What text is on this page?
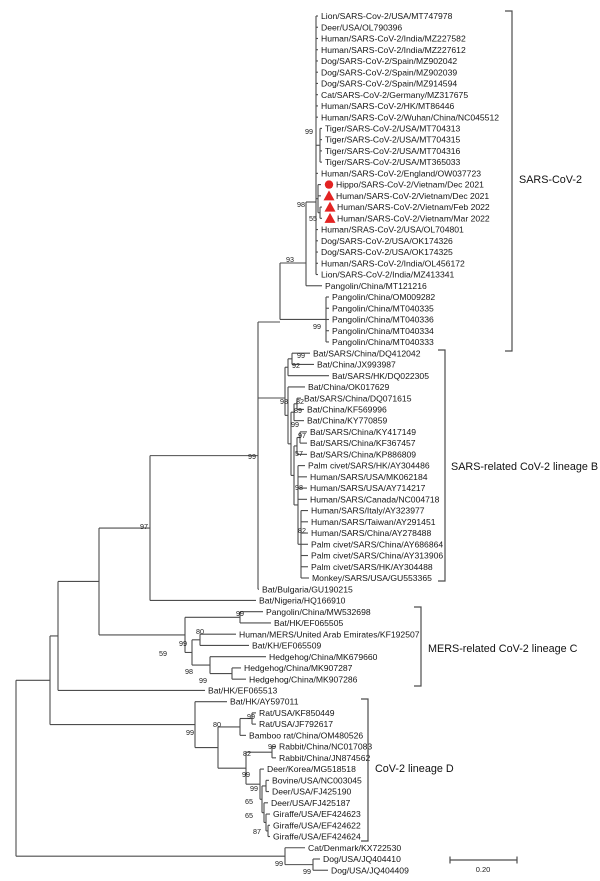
Lion/SARS-Cov-2/USA/MT747978
Deer/USA/OL790396
Human/SARS-CoV-2/India/MZ227582
Human/SARS-CoV-2/India/MZ227612
Dog/SARS-CoV-2/Spain/MZ902042
Dog/SARS-CoV-2/Spain/MZ902039
Dog/SARS-CoV-2/Spain/MZ914594
Cat/SARS-CoV-2/Germany/MZ317675
Human/SARS-CoV-2/HK/MT86446
Human/SARS-CoV-2/Wuhan/China/NC045512
Tiger/SARS-CoV-2/USA/MT704313
Tiger/SARS-CoV-2/USA/MT704315
Tiger/SARS-CoV-2/USA/MT704316
Tiger/SARS-CoV-2/USA/MT365033
Human/SARS-CoV-2/England/OW037723
Hippo/SARS-CoV-2/Vietnam/Dec 2021
Human/SARS-CoV-2/Vietnam/Dec 2021
Human/SARS-CoV-2/Vietnam/Feb 2022
Human/SARS-CoV-2/Vietnam/Mar 2022
Human/SRAS-CoV-2/USA/OL704801
Dog/SARS-CoV-2/USA/OK174326
Dog/SARS-CoV-2/USA/OK174325
Human/SARS-CoV-2/India/OL456172
Lion/SARS-CoV-2/India/MZ413341
Pangolin/China/MT121216
Pangolin/China/OM009282
Pangolin/China/MT040335
Pangolin/China/MT040336
Pangolin/China/MT040334
Pangolin/China/MT040333
Bat/SARS/China/DQ412042
Bat/China/JX993987
Bat/SARS/HK/DQ022305
Bat/China/OK017629
Bat/SARS/China/DQ071615
Bat/China/KF569996
Bat/China/KY770859
Bat/SARS/China/KY417149
Bat/SARS/China/KF367457
Bat/SARS/China/KP886809
Palm civet/SARS/HK/AY304486
Human/SARS/USA/MK062184
Human/SARS/USA/AY714217
Human/SARS/Canada/NC004718
Human/SARS/Italy/AY323977
Human/SARS/Taiwan/AY291451
Human/SARS/China/AY278488
Palm civet/SARS/China/AY686864
Palm civet/SARS/China/AY313906
Palm civet/SARS/HK/AY304488
Monkey/SARS/USA/GU553365
Bat/Bulgaria/GU190215
Bat/Nigeria/HQ166910
Pangolin/China/MW532698
Bat/HK/EF065505
Human/MERS/United Arab Emirates/KF192507
Bat/KH/EF065509
Hedgehog/China/MK679660
Hedgehog/China/MK907287
Hedgehog/China/MK907286
Bat/HK/EF065513
Bat/HK/AY597011
Rat/USA/KF850449
Rat/USA/JF792617
Bamboo rat/China/OM480526
Rabbit/China/NC017083
Rabbit/China/JN874562
Deer/Korea/MG518518
Bovine/USA/NC003045
Deer/USA/FJ425190
Deer/USA/FJ425187
Giraffe/USA/EF424623
Giraffe/USA/EF424622
Giraffe/USA/EF424624
Cat/Denmark/KX722530
Dog/USA/JQ404410
Dog/USA/JQ404409
99
98
55
93
99
99
92
98 82
89
99
97
57
98
82
99
97
99
99
80
59
98
99
99
80
99
82
99
99
99
65
65
87
99
99
SARS-CoV-2
SARS-related CoV-2 lineage B
MERS-related CoV-2 lineage C
CoV-2 lineage D
0.20
